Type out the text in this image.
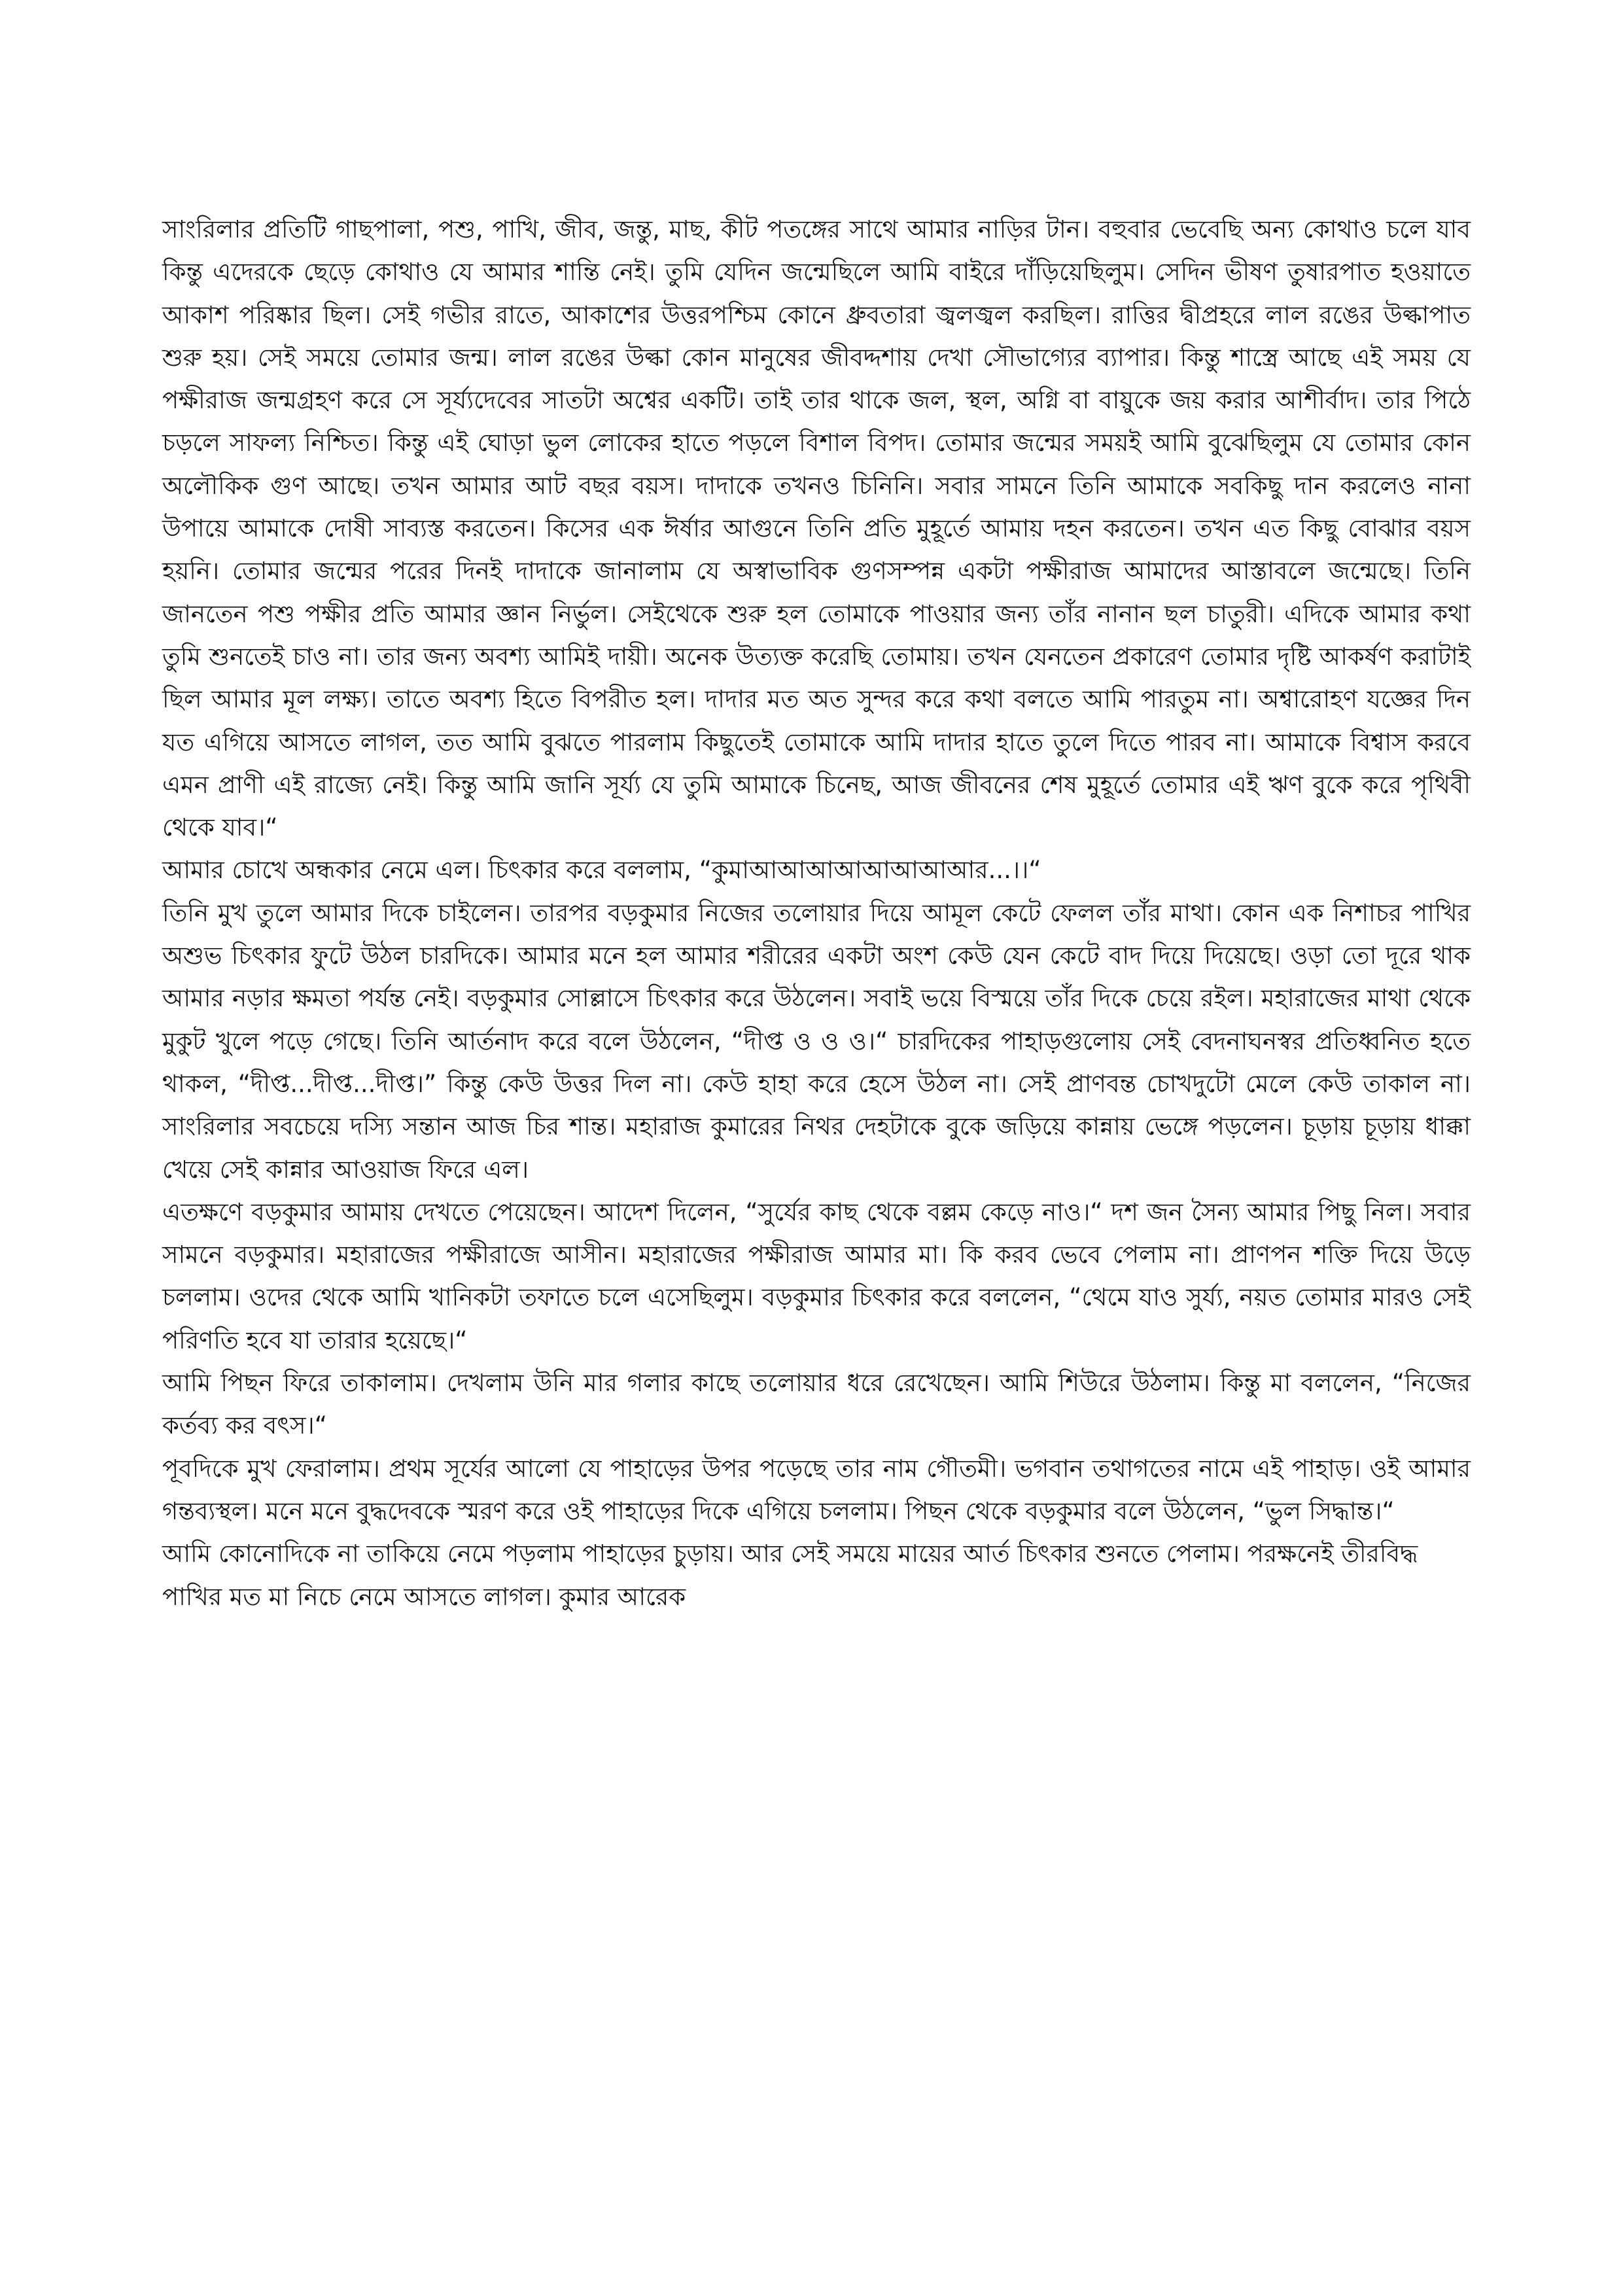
সাংরিলার প্রতিটি গাছপালা, পশু, পাখি, জীব, জন্তু, মাছ, কীট পতঙ্গের সাথে আমার নাড়ির টান। বহুবার ভেবেছি অন্য কোথাও চলে যাব কিন্তু এদেরকে ছেড়ে কোথাও যে আমার শান্তি নেই। তুমি যেদিন জন্মেছিলে আমি বাইরে দাঁড়িয়েছিলুম। সেদিন ভীষণ তুষারপাত হওয়াতে আকাশ পরিষ্কার ছিল। সেই গভীর রাতে, আকাশের উত্তরপশ্চিম কোনে ধ্রুবতারা জ্বলজ্বল করছিল। রাত্তির দ্বীপ্রহরে লাল রঙের উল্কাপাত শুরু হয়। সেই সময়ে তোমার জন্ম। লাল রঙের উল্কা কোন মানুষের জীবদ্দশায় দেখা সৌভাগ্যের ব্যাপার। কিন্তু শাস্ত্রে আছে এই সময় যে পক্ষীরাজ জন্মগ্রহণ করে সে সূর্য্যদেবের সাতটা অশ্বের একটি। তাই তার থাকে জল, স্থল, অগ্নি বা বায়ুকে জয় করার আশীর্বাদ। তার পিঠে চড়লে সাফল্য নিশ্চিত। কিন্তু এই ঘোড়া ভুল লোকের হাতে পড়লে বিশাল বিপদ। তোমার জন্মের সময়ই আমি বুঝেছিলুম যে তোমার কোন অলৌকিক গুণ আছে। তখন আমার আট বছর বয়স। দাদাকে তখনও চিনিনি। সবার সামনে তিনি আমাকে সবকিছু দান করলেও নানা উপায়ে আমাকে দোষী সাব্যস্ত করতেন। কিসের এক ঈর্ষার আগুনে তিনি প্রতি মুহূর্তে আমায় দহন করতেন। তখন এত কিছু বোঝার বয়স হয়নি। তোমার জন্মের পরের দিনই দাদাকে জানালাম যে অস্বাভাবিক গুণসম্পন্ন একটা পক্ষীরাজ আমাদের আস্তাবলে জন্মেছে। তিনি জানতেন পশু পক্ষীর প্রতি আমার জ্ঞান নির্ভুল। সেইথেকে শুরু হল তোমাকে পাওয়ার জন্য তাঁর নানান ছল চাতুরী। এদিকে আমার কথা তুমি শুনতেই চাও না। তার জন্য অবশ্য আমিই দায়ী। অনেক উত্যক্ত করেছি তোমায়। তখন যেনতেন প্রকারেণ তোমার দৃষ্টি আকর্ষণ করাটাই ছিল আমার মূল লক্ষ্য। তাতে অবশ্য হিতে বিপরীত হল। দাদার মত অত সুন্দর করে কথা বলতে আমি পারতুম না। অশ্বারোহণ যজ্ঞের দিন যত এগিয়ে আসতে লাগল, তত আমি বুঝতে পারলাম কিছুতেই তোমাকে আমি দাদার হাতে তুলে দিতে পারব না। আমাকে বিশ্বাস করবে এমন প্রাণী এই রাজ্যে নেই। কিন্তু আমি জানি সূর্য্য যে তুমি আমাকে চিনেছ, আজ জীবনের শেষ মুহূর্তে তোমার এই ঋণ বুকে করে পৃথিবী থেকে যাব।“

আমার চোখে অন্ধকার নেমে এল। চিৎকার করে বললাম, “কুমাআআআআআআআআর...।।“

তিনি মুখ তুলে আমার দিকে চাইলেন। তারপর বড়কুমার নিজের তলোয়ার দিয়ে আমূল কেটে ফেলল তাঁর মাথা। কোন এক নিশাচর পাখির অশুভ চিৎকার ফুটে উঠল চারদিকে। আমার মনে হল আমার শরীরের একটা অংশ কেউ যেন কেটে বাদ দিয়ে দিয়েছে। ওড়া তো দূরে থাক আমার নড়ার ক্ষমতা পর্যন্ত নেই। বড়কুমার সোল্লাসে চিৎকার করে উঠলেন। সবাই ভয়ে বিস্ময়ে তাঁর দিকে চেয়ে রইল। মহারাজের মাথা থেকে মুকুট খুলে পড়ে গেছে। তিনি আর্তনাদ করে বলে উঠলেন, “দীপ্ত ও ও ও।“ চারদিকের পাহাড়গুলোয় সেই বেদনাঘনস্বর প্রতিধ্বনিত হতে থাকল, “দীপ্ত...দীপ্ত...দীপ্ত।” কিন্তু কেউ উত্তর দিল না। কেউ হাহা করে হেসে উঠল না। সেই প্রাণবন্ত চোখদুটো মেলে কেউ তাকাল না। সাংরিলার সবচেয়ে দস্যি সন্তান আজ চির শান্ত। মহারাজ কুমারের নিথর দেহটাকে বুকে জড়িয়ে কান্নায় ভেঙ্গে পড়লেন। চূড়ায় চূড়ায় ধাক্কা খেয়ে সেই কান্নার আওয়াজ ফিরে এল।

এতক্ষণে বড়কুমার আমায় দেখতে পেয়েছেন। আদেশ দিলেন, “সুর্যের কাছ থেকে বল্লম কেড়ে নাও।“ দশ জন সৈন্য আমার পিছু নিল। সবার সামনে বড়কুমার। মহারাজের পক্ষীরাজে আসীন। মহারাজের পক্ষীরাজ আমার মা। কি করব ভেবে পেলাম না। প্রাণপন শক্তি দিয়ে উড়ে চললাম। ওদের থেকে আমি খানিকটা তফাতে চলে এসেছিলুম। বড়কুমার চিৎকার করে বললেন, “থেমে যাও সুর্য্য, নয়ত তোমার মারও সেই পরিণতি হবে যা তারার হয়েছে।“

আমি পিছন ফিরে তাকালাম। দেখলাম উনি মার গলার কাছে তলোয়ার ধরে রেখেছেন। আমি শিউরে উঠলাম। কিন্তু মা বললেন, “নিজের কর্তব্য কর বৎস।“

পূবদিকে মুখ ফেরালাম। প্রথম সূর্যের আলো যে পাহাড়ের উপর পড়েছে তার নাম গৌতমী। ভগবান তথাগতের নামে এই পাহাড়। ওই আমার গন্তব্যস্থল। মনে মনে বুদ্ধদেবকে স্মরণ করে ওই পাহাড়ের দিকে এগিয়ে চললাম। পিছন থেকে বড়কুমার বলে উঠলেন, “ভুল সিদ্ধান্ত।“

আমি কোনোদিকে না তাকিয়ে নেমে পড়লাম পাহাড়ের চুড়ায়। আর সেই সময়ে মায়ের আর্ত চিৎকার শুনতে পেলাম। পরক্ষনেই তীরবিদ্ধ পাখির মত মা নিচে নেমে আসতে লাগল। কুমার আরেক
